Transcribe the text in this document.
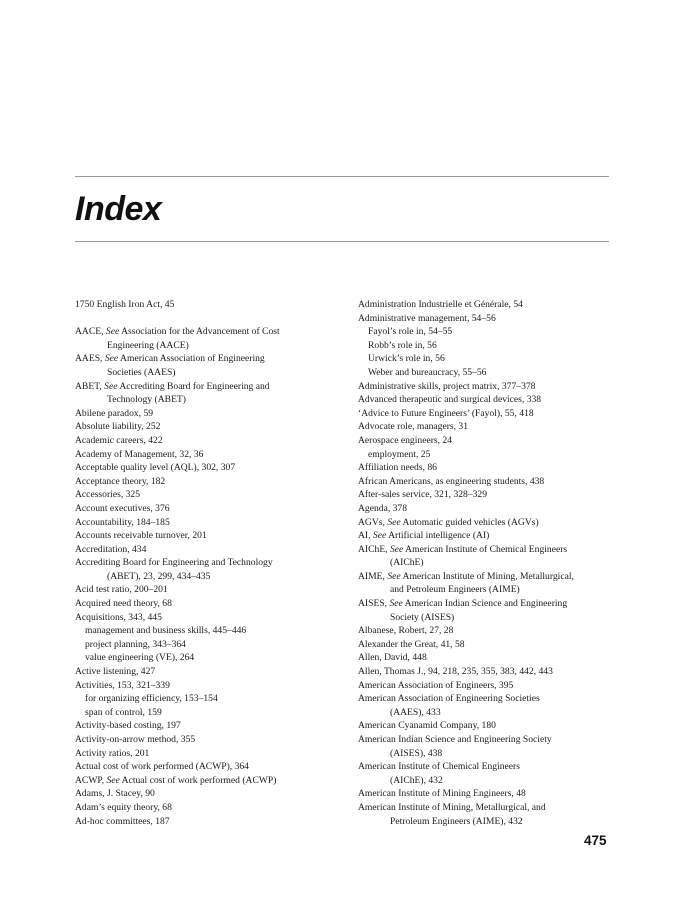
Index
1750 English Iron Act, 45
AACE, See Association for the Advancement of Cost
Engineering (AACE)
AAES, See American Association of Engineering
Societies (AAES)
ABET, See Accrediting Board for Engineering and
Technology (ABET)
Abilene paradox, 59
Absolute liability, 252
Academic careers, 422
Academy of Management, 32, 36
Acceptable quality level (AQL), 302, 307
Acceptance theory, 182
Accessories, 325
Account executives, 376
Accountability, 184–185
Accounts receivable turnover, 201
Accreditation, 434
Accrediting Board for Engineering and Technology
(ABET), 23, 299, 434–435
Acid test ratio, 200–201
Acquired need theory, 68
Acquisitions, 343, 445
management and business skills, 445–446
project planning, 343–364
value engineering (VE), 264
Active listening, 427
Activities, 153, 321–339
for organizing efficiency, 153–154
span of control, 159
Activity-based costing, 197
Activity-on-arrow method, 355
Activity ratios, 201
Actual cost of work performed (ACWP), 364
ACWP, See Actual cost of work performed (ACWP)
Adams, J. Stacey, 90
Adam’s equity theory, 68
Ad-hoc committees, 187
Administration Industrielle et Générale, 54
Administrative management, 54–56
Fayol’s role in, 54–55
Robb’s role in, 56
Urwick’s role in, 56
Weber and bureaucracy, 55–56
Administrative skills, project matrix, 377–378
Advanced therapeutic and surgical devices, 338
‘Advice to Future Engineers’ (Fayol), 55, 418
Advocate role, managers, 31
Aerospace engineers, 24
employment, 25
Affiliation needs, 86
African Americans, as engineering students, 438
After-sales service, 321, 328–329
Agenda, 378
AGVs, See Automatic guided vehicles (AGVs)
AI, See Artificial intelligence (AI)
AIChE, See American Institute of Chemical Engineers
(AIChE)
AIME, See American Institute of Mining, Metallurgical,
and Petroleum Engineers (AIME)
AISES, See American Indian Science and Engineering
Society (AISES)
Albanese, Robert, 27, 28
Alexander the Great, 41, 58
Allen, David, 448
Allen, Thomas J., 94, 218, 235, 355, 383, 442, 443
American Association of Engineers, 395
American Association of Engineering Societies
(AAES), 433
American Cyanamid Company, 180
American Indian Science and Engineering Society
(AISES), 438
American Institute of Chemical Engineers
(AIChE), 432
American Institute of Mining Engineers, 48
American Institute of Mining, Metallurgical, and
Petroleum Engineers (AIME), 432
475
